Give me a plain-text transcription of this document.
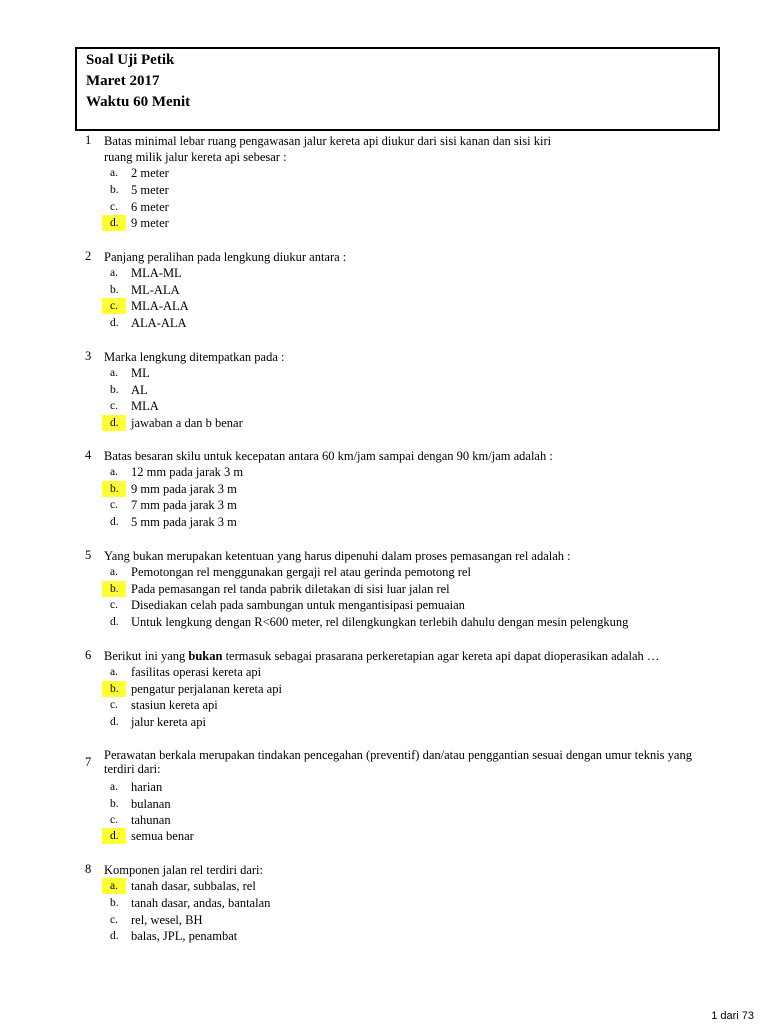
Soal Uji Petik
Maret 2017
Waktu 60 Menit
1 Batas minimal lebar ruang pengawasan jalur kereta api diukur dari sisi kanan dan sisi kiri
ruang milik jalur kereta api sebesar :
a.	2 meter
b. 5 meter
c.	6 meter
d. 9 meter
2 Panjang peralihan pada lengkung diukur antara :
a.	MLA-ML
b. ML-ALA
c.	MLA-ALA
d. ALA-ALA
3 Marka lengkung ditempatkan pada :
a.	ML
b. AL
c.	MLA
d. jawaban a dan b benar
4 Batas besaran skilu untuk kecepatan antara 60 km/jam sampai dengan 90 km/jam adalah :
a.	12 mm pada jarak 3 m
b. 9 mm pada jarak 3 m
c.	7 mm pada jarak 3 m
d. 5 mm pada jarak 3 m
5 Yang bukan merupakan ketentuan yang harus dipenuhi dalam proses pemasangan rel adalah :
a.	Pemotongan rel menggunakan gergaji rel atau gerinda pemotong rel
b. Pada pemasangan rel tanda pabrik diletakan di sisi luar jalan rel
c.	Disediakan celah pada sambungan untuk mengantisipasi pemuaian
d. Untuk lengkung dengan R<600 meter, rel dilengkungkan terlebih dahulu dengan mesin pelengkung
6 Berikut ini yang bukan termasuk sebagai prasarana perkeretapian agar kereta api dapat dioperasikan adalah …
a.	fasilitas operasi kereta api
b. pengatur perjalanan kereta api
c.	stasiun kereta api
d. jalur kereta api
7 Perawatan berkala merupakan tindakan pencegahan (preventif) dan/atau penggantian sesuai dengan umur teknis yang
terdiri dari:
a.	harian
b. bulanan
c.	tahunan
d. semua benar
8 Komponen jalan rel terdiri dari:
a.	tanah dasar, subbalas, rel
b. tanah dasar, andas, bantalan
c.	rel, wesel, BH
d. balas, JPL, penambat
1 dari 73
